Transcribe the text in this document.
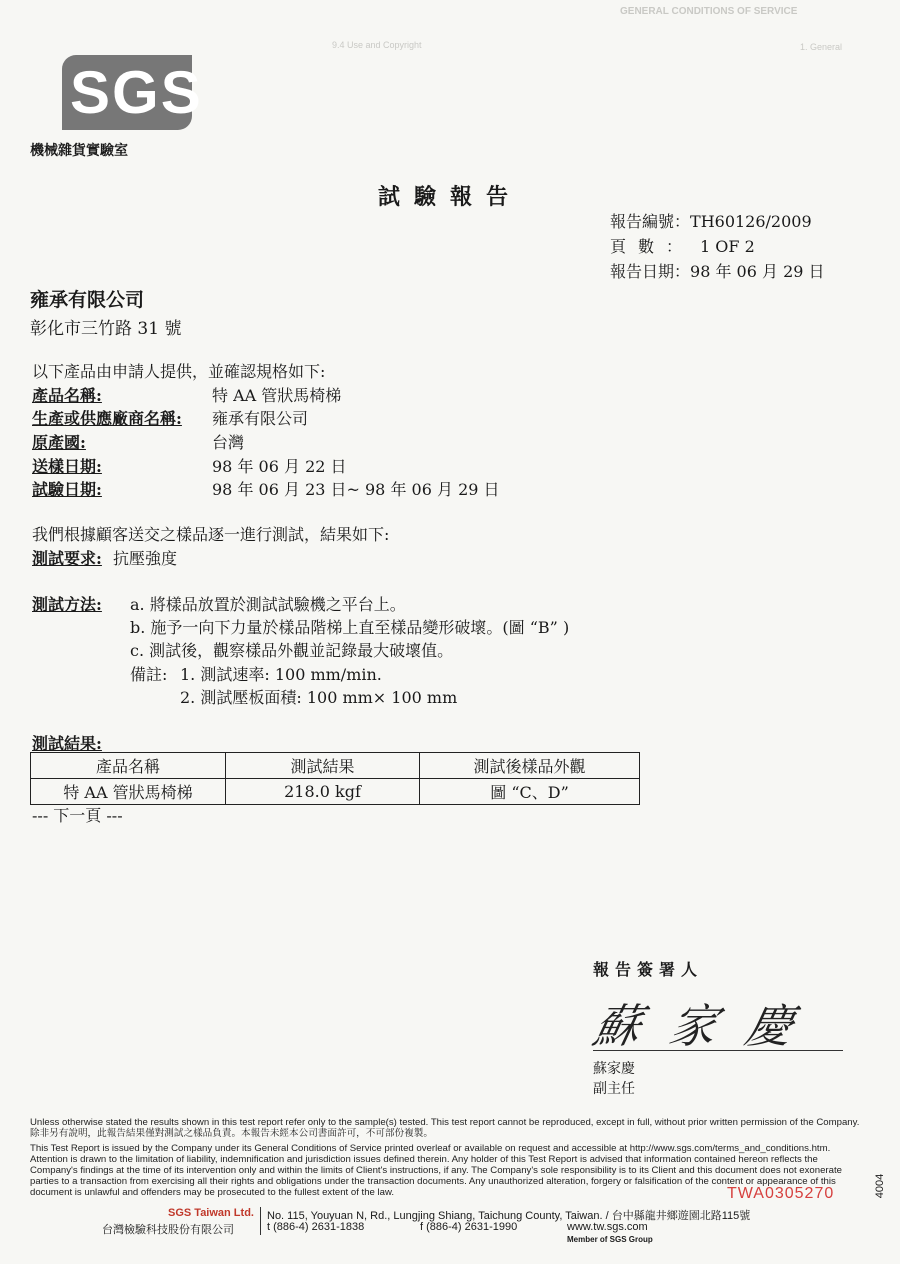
GENERAL CONDITIONS OF SERVICE
9.4 Use and Copyright	1. General
SGS
機械雜貨實驗室
試驗報告
報告編號：TH60126/2009
頁數： 1 OF 2
報告日期：98 年 06 月 29 日
雍承有限公司
彰化市三竹路 31 號
以下產品由申請人提供，並確認規格如下:
產品名稱:	特 AA 管狀馬椅梯
生產或供應廠商名稱: 雍承有限公司
原產國:	台灣
送樣日期:	98 年 06 月 22 日
試驗日期:	98 年 06 月 23 日~ 98 年 06 月 29 日
我們根據顧客送交之樣品逐一進行測試，結果如下:
測試要求: 抗壓強度
測試方法: a. 將樣品放置於測試試驗機之平台上。
b. 施予一向下力量於樣品階梯上直至樣品變形破壞。(圖 “B” )
c. 測試後，觀察樣品外觀並記錄最大破壞值。
備註: 1. 測試速率: 100 mm/min.
2. 測試壓板面積: 100 mm× 100 mm
測試結果:
產品名稱	測試結果	測試後樣品外觀
特 AA 管狀馬椅梯	218.0 kgf	圖 “C、D”
--- 下一頁 ---
報告簽署人
蘇家慶
蘇家慶
副主任
Unless otherwise stated the results shown in this test report refer only to the sample(s) tested. This test report cannot be reproduced, except in full, without prior written permission of the Company. 除非另有說明，此報告結果僅對測試之樣品負責。本報告未經本公司書面許可，不可部份複製。
This Test Report is issued by the Company under its General Conditions of Service printed overleaf or available on request and accessible at http://www.sgs.com/terms_and_conditions.htm. Attention is drawn to the limitation of liability, indemnification and jurisdiction issues defined therein. Any holder of this Test Report is advised that information contained hereon reflects the Company's findings at the time of its intervention only and within the limits of Client's instructions, if any. The Company's sole responsibility is to its Client and this document does not exonerate parties to a transaction from exercising all their rights and obligations under the transaction documents. Any unauthorized alteration, forgery or falsification of the content or appearance of this document is unlawful and offenders may be prosecuted to the fullest extent of the law.	TWA0305270	4004
SGS Taiwan Ltd.
台灣檢驗科技股份有限公司
No. 115, Youyuan N, Rd., Lungjing Shiang, Taichung County, Taiwan. / 台中縣龍井鄉遊園北路115號
t (886-4) 2631-1838	f (886-4) 2631-1990	www.tw.sgs.com
Member of SGS Group
